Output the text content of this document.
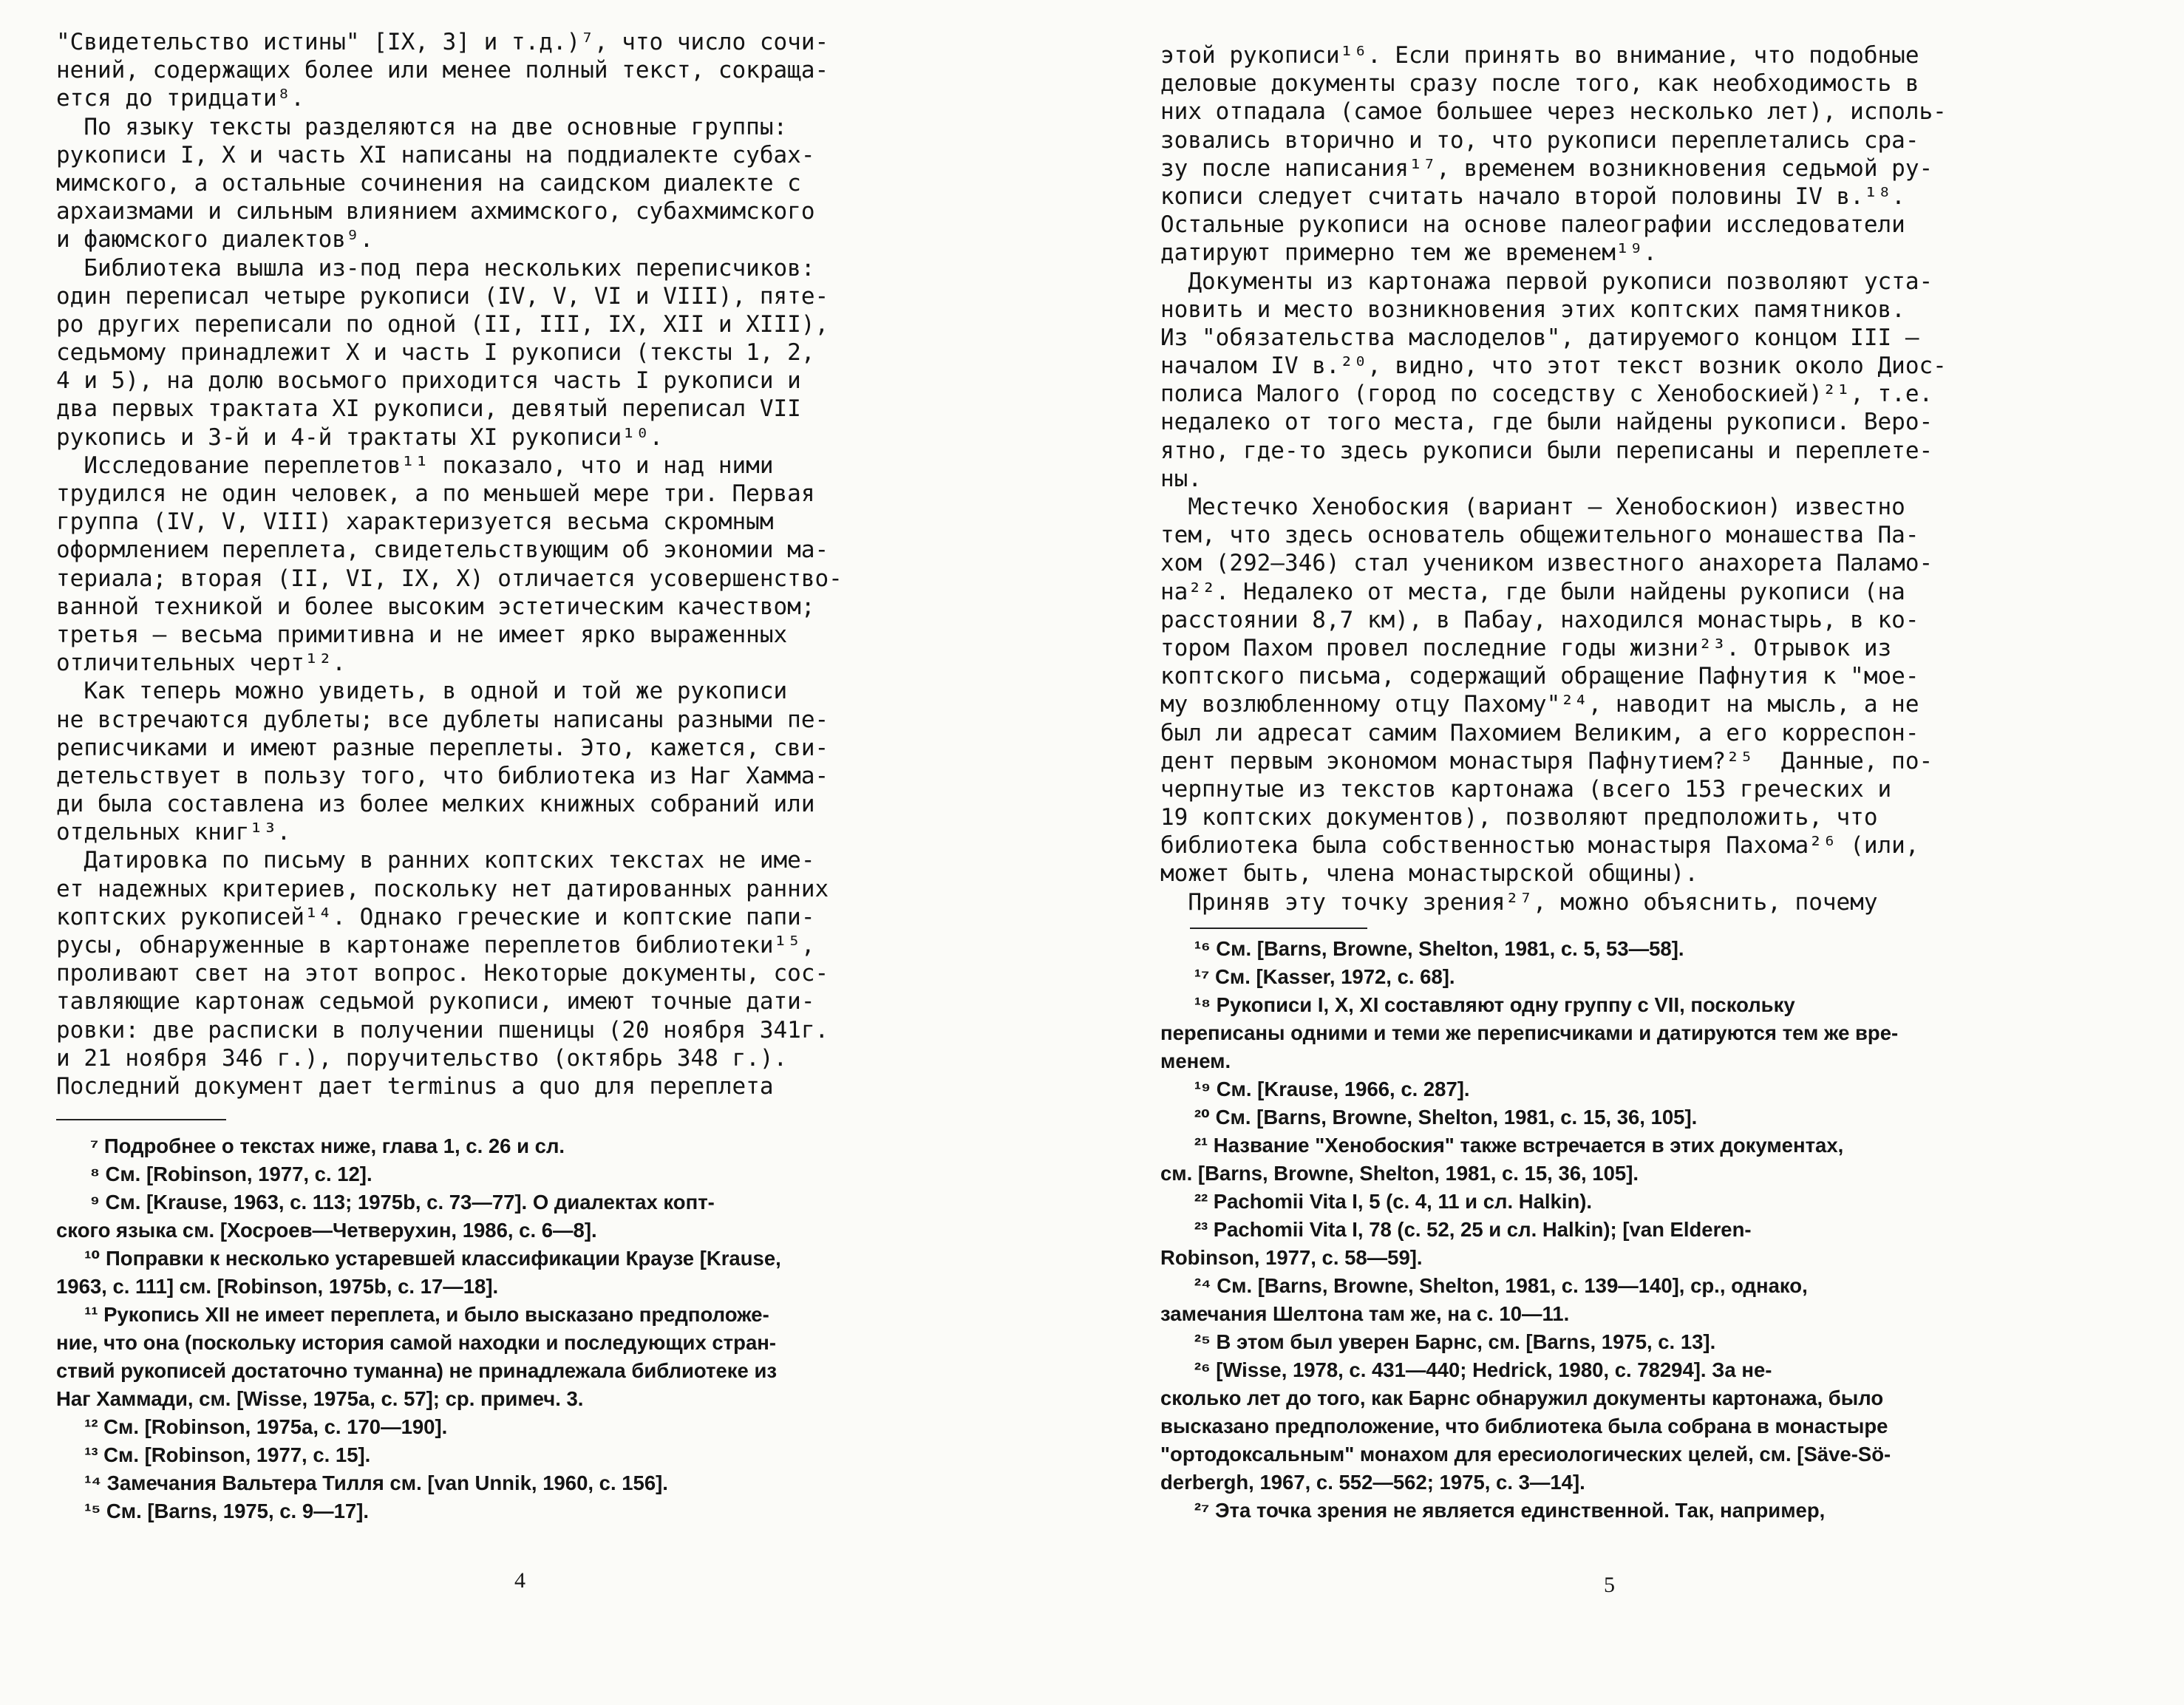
"Свидетельство истины" [IX, 3] и т.д.)⁷, что число сочи-
нений, содержащих более или менее полный текст, сокраща-
ется до тридцати⁸.
По языку тексты разделяются на две основные группы:
рукописи I, X и часть XI написаны на поддиалекте субах-
мимского, а остальные сочинения на саидском диалекте с
архаизмами и сильным влиянием ахмимского, субахмимского
и фаюмского диалектов⁹.
Библиотека вышла из-под пера нескольких переписчиков:
один переписал четыре рукописи (IV, V, VI и VIII), пяте-
ро других переписали по одной (II, III, IX, XII и XIII),
седьмому принадлежит X и часть I рукописи (тексты 1, 2,
4 и 5), на долю восьмого приходится часть I рукописи и
два первых трактата XI рукописи, девятый переписал VII
рукопись и 3-й и 4-й трактаты XI рукописи¹⁰.
Исследование переплетов¹¹ показало, что и над ними
трудился не один человек, а по меньшей мере три. Первая
группа (IV, V, VIII) характеризуется весьма скромным
оформлением переплета, свидетельствующим об экономии ма-
териала; вторая (II, VI, IX, X) отличается усовершенство-
ванной техникой и более высоким эстетическим качеством;
третья — весьма примитивна и не имеет ярко выраженных
отличительных черт¹².
Как теперь можно увидеть, в одной и той же рукописи
не встречаются дублеты; все дублеты написаны разными пе-
реписчиками и имеют разные переплеты. Это, кажется, сви-
детельствует в пользу того, что библиотека из Наг Хамма-
ди была составлена из более мелких книжных собраний или
отдельных книг¹³.
Датировка по письму в ранних коптских текстах не име-
ет надежных критериев, поскольку нет датированных ранних
коптских рукописей¹⁴. Однако греческие и коптские папи-
русы, обнаруженные в картонаже переплетов библиотеки¹⁵,
проливают свет на этот вопрос. Некоторые документы, сос-
тавляющие картонаж седьмой рукописи, имеют точные дати-
ровки: две расписки в получении пшеницы (20 ноября 341г.
и 21 ноября 346 г.), поручительство (октябрь 348 г.).
Последний документ дает terminus a quo для переплета
⁷ Подробнее о текстах ниже, глава 1, с. 26 и сл.
⁸ См. [Robinson, 1977, с. 12].
⁹ См. [Krause, 1963, с. 113; 1975b, с. 73—77]. О диалектах копт-
ского языка см. [Хосроев—Четверухин, 1986, с. 6—8].
¹⁰ Поправки к несколько устаревшей классификации Краузе [Krause,
1963, с. 111] см. [Robinson, 1975b, с. 17—18].
¹¹ Рукопись XII не имеет переплета, и было высказано предположе-
ние, что она (поскольку история самой находки и последующих стран-
ствий рукописей достаточно туманна) не принадлежала библиотеке из
Наг Хаммади, см. [Wisse, 1975a, с. 57]; ср. примеч. 3.
¹² См. [Robinson, 1975a, с. 170—190].
¹³ См. [Robinson, 1977, с. 15].
¹⁴ Замечания Вальтера Тилля см. [van Unnik, 1960, с. 156].
¹⁵ См. [Barns, 1975, с. 9—17].
4
этой рукописи¹⁶. Если принять во внимание, что подобные
деловые документы сразу после того, как необходимость в
них отпадала (самое большее через несколько лет), исполь-
зовались вторично и то, что рукописи переплетались сра-
зу после написания¹⁷, временем возникновения седьмой ру-
кописи следует считать начало второй половины IV в.¹⁸.
Остальные рукописи на основе палеографии исследователи
датируют примерно тем же временем¹⁹.
Документы из картонажа первой рукописи позволяют уста-
новить и место возникновения этих коптских памятников.
Из "обязательства маслоделов", датируемого концом III —
началом IV в.²⁰, видно, что этот текст возник около Диос-
полиса Малого (город по соседству с Хенобоскией)²¹, т.е.
недалеко от того места, где были найдены рукописи. Веро-
ятно, где-то здесь рукописи были переписаны и переплете-
ны.
Местечко Хенобоския (вариант — Хенобоскион) известно
тем, что здесь основатель общежительного монашества Па-
хом (292—346) стал учеником известного анахорета Паламо-
на²². Недалеко от места, где были найдены рукописи (на
расстоянии 8,7 км), в Пабау, находился монастырь, в ко-
тором Пахом провел последние годы жизни²³. Отрывок из
коптского письма, содержащий обращение Пафнутия к "мое-
му возлюбленному отцу Пахому"²⁴, наводит на мысль, а не
был ли адресат самим Пахомием Великим, а его корреспон-
дент первым экономом монастыря Пафнутием?²⁵  Данные, по-
черпнутые из текстов картонажа (всего 153 греческих и
19 коптских документов), позволяют предположить, что
библиотека была собственностью монастыря Пахома²⁶ (или,
может быть, члена монастырской общины).
Приняв эту точку зрения²⁷, можно объяснить, почему
¹⁶ См. [Barns, Browne, Shelton, 1981, с. 5, 53—58].
¹⁷ См. [Kasser, 1972, с. 68].
¹⁸ Рукописи I, X, XI составляют одну группу с VII, поскольку
переписаны одними и теми же переписчиками и датируются тем же вре-
менем.
¹⁹ См. [Krause, 1966, с. 287].
²⁰ См. [Barns, Browne, Shelton, 1981, с. 15, 36, 105].
²¹ Название "Хенобоския" также встречается в этих документах,
см. [Barns, Browne, Shelton, 1981, с. 15, 36, 105].
²² Pachomii Vita I, 5 (с. 4, 11 и сл. Halkin).
²³ Pachomii Vita I, 78 (с. 52, 25 и сл. Halkin); [van Elderen-
Robinson, 1977, с. 58—59].
²⁴ См. [Barns, Browne, Shelton, 1981, с. 139—140], ср., однако,
замечания Шелтона там же, на с. 10—11.
²⁵ В этом был уверен Барнс, см. [Barns, 1975, с. 13].
²⁶ [Wisse, 1978, с. 431—440; Hedrick, 1980, с. 78294]. За не-
сколько лет до того, как Барнс обнаружил документы картонажа, было
высказано предположение, что библиотека была собрана в монастыре
"ортодоксальным" монахом для ересиологических целей, см. [Säve-Sö-
derbergh, 1967, с. 552—562; 1975, с. 3—14].
²⁷ Эта точка зрения не является единственной. Так, например,
5
